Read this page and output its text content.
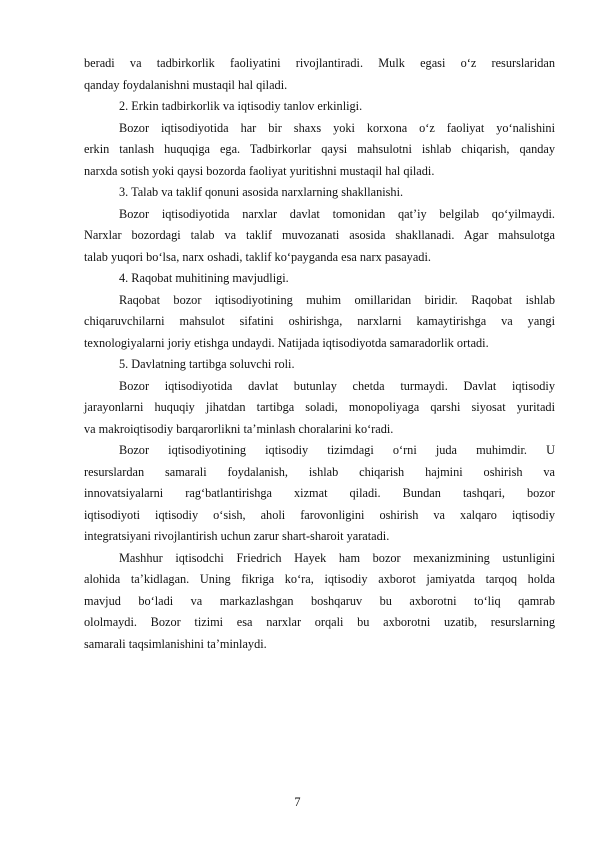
beradi va tadbirkorlik faoliyatini rivojlantiradi. Mulk egasi o‘z resurslaridan
qanday foydalanishni mustaqil hal qiladi.
2. Erkin tadbirkorlik va iqtisodiy tanlov erkinligi.
Bozor iqtisodiyotida har bir shaxs yoki korxona o‘z faoliyat yo‘nalishini
erkin tanlash huquqiga ega. Tadbirkorlar qaysi mahsulotni ishlab chiqarish, qanday
narxda sotish yoki qaysi bozorda faoliyat yuritishni mustaqil hal qiladi.
3. Talab va taklif qonuni asosida narxlarning shakllanishi.
Bozor iqtisodiyotida narxlar davlat tomonidan qat’iy belgilab qo‘yilmaydi.
Narxlar bozordagi talab va taklif muvozanati asosida shakllanadi. Agar mahsulotga
talab yuqori bo‘lsa, narx oshadi, taklif ko‘payganda esa narx pasayadi.
4. Raqobat muhitining mavjudligi.
Raqobat bozor iqtisodiyotining muhim omillaridan biridir. Raqobat ishlab
chiqaruvchilarni mahsulot sifatini oshirishga, narxlarni kamaytirishga va yangi
texnologiyalarni joriy etishga undaydi. Natijada iqtisodiyotda samaradorlik ortadi.
5. Davlatning tartibga soluvchi roli.
Bozor iqtisodiyotida davlat butunlay chetda turmaydi. Davlat iqtisodiy
jarayonlarni huquqiy jihatdan tartibga soladi, monopoliyaga qarshi siyosat yuritadi
va makroiqtisodiy barqarorlikni ta’minlash choralarini ko‘radi.
Bozor iqtisodiyotining iqtisodiy tizimdagi o‘rni juda muhimdir. U
resurslardan samarali foydalanish, ishlab chiqarish hajmini oshirish va
innovatsiyalarni rag‘batlantirishga xizmat qiladi. Bundan tashqari, bozor
iqtisodiyoti iqtisodiy o‘sish, aholi farovonligini oshirish va xalqaro iqtisodiy
integratsiyani rivojlantirish uchun zarur shart-sharoit yaratadi.
Mashhur iqtisodchi Friedrich Hayek ham bozor mexanizmining ustunligini
alohida ta’kidlagan. Uning fikriga ko‘ra, iqtisodiy axborot jamiyatda tarqoq holda
mavjud bo‘ladi va markazlashgan boshqaruv bu axborotni to‘liq qamrab
ololmaydi. Bozor tizimi esa narxlar orqali bu axborotni uzatib, resurslarning
samarali taqsimlanishini ta’minlaydi.
7
